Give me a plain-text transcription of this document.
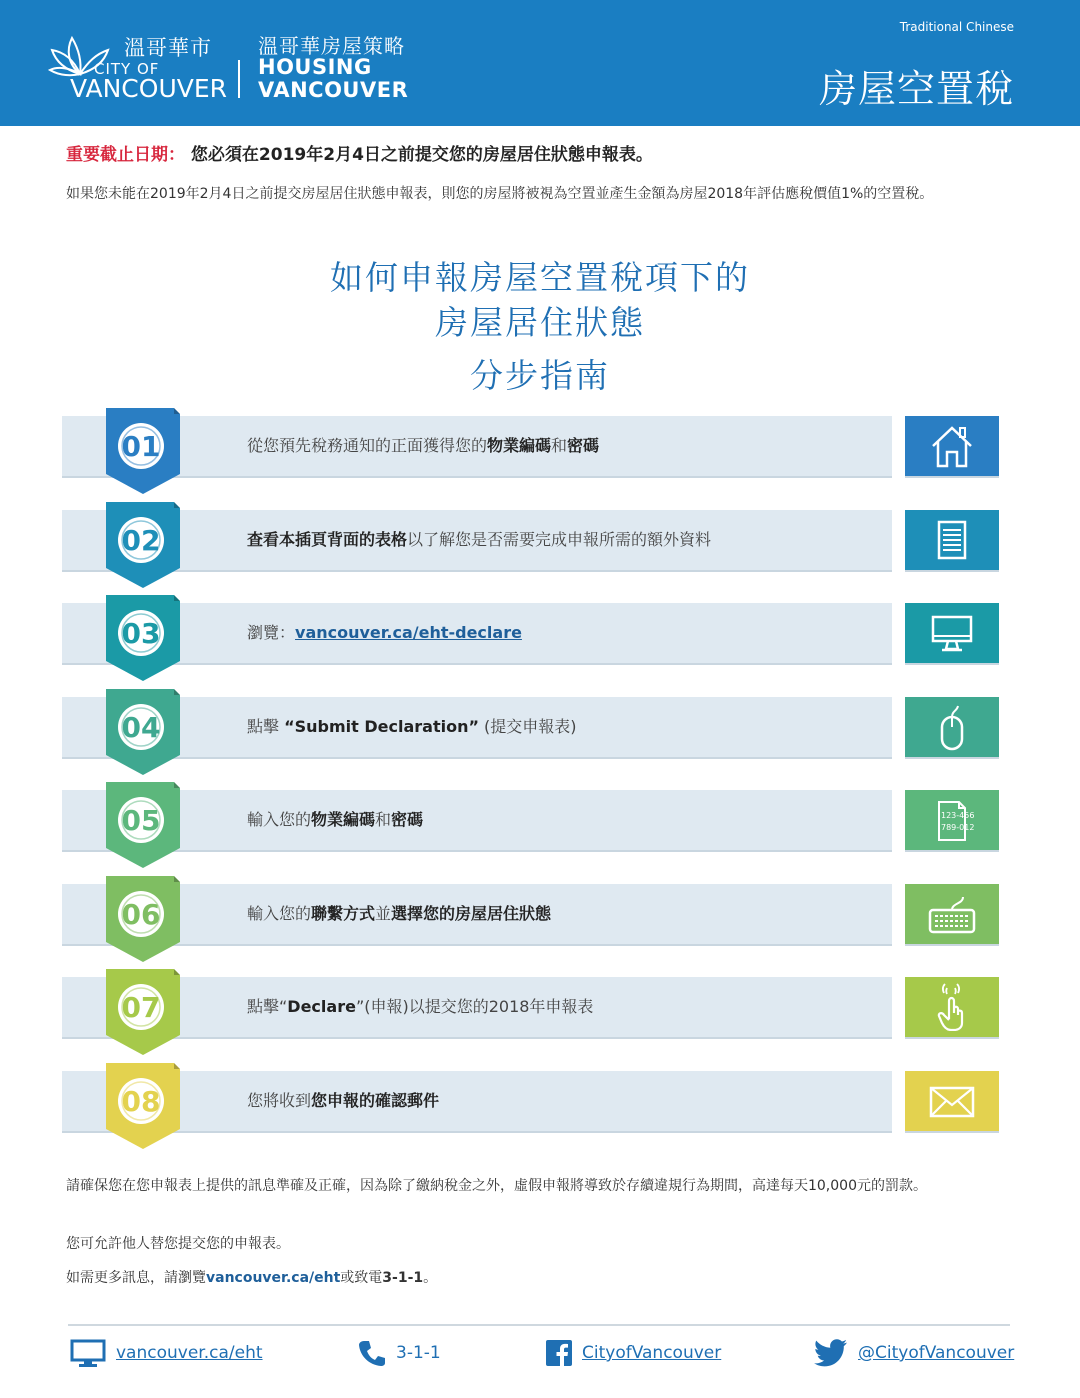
溫哥華市
CITY OF
VANCOUVER
溫哥華房屋策略
HOUSING
VANCOUVER
Traditional Chinese
房屋空置稅
重要截止日期： 您必須在2019年2月4日之前提交您的房屋居住狀態申報表。
如果您未能在2019年2月4日之前提交房屋居住狀態申報表，則您的房屋將被視為空置並產生金額為房屋2018年評估應稅價值1%的空置稅。
如何申報房屋空置稅項下的
房屋居住狀態
分步指南
01	從您預先稅務通知的正面獲得您的物業編碼和密碼
02	查看本插頁背面的表格以了解您是否需要完成申報所需的額外資料
03	瀏覽：vancouver.ca/eht-declare
04	點擊 “Submit Declaration” (提交申報表)
05	輸入您的物業編碼和密碼	123-456
789-012
06	輸入您的聯繫方式並選擇您的房屋居住狀態
07	點擊“Declare”(申報)以提交您的2018年申報表
08	您將收到您申報的確認郵件
請確保您在您申報表上提供的訊息準確及正確，因為除了繳納稅金之外，虛假申報將導致於存續違規行為期間，高達每天10,000元的罰款。
您可允許他人替您提交您的申報表。
如需更多訊息，請瀏覽vancouver.ca/eht或致電3-1-1。
vancouver.ca/eht	3-1-1	CityofVancouver	@CityofVancouver
